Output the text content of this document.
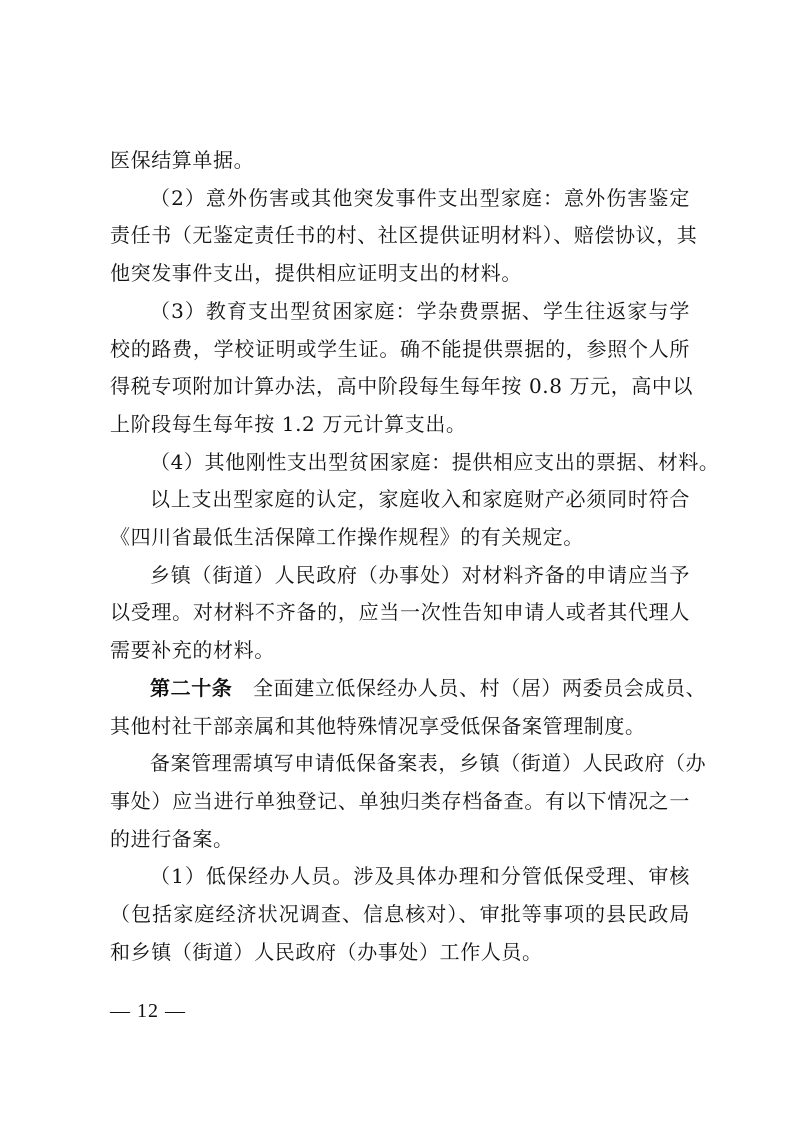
医保结算单据。

（2）意外伤害或其他突发事件支出型家庭：意外伤害鉴定
责任书（无鉴定责任书的村、社区提供证明材料）、赔偿协议，其
他突发事件支出，提供相应证明支出的材料。

（3）教育支出型贫困家庭：学杂费票据、学生往返家与学
校的路费，学校证明或学生证。确不能提供票据的，参照个人所
得税专项附加计算办法，高中阶段每生每年按 0.8 万元，高中以
上阶段每生每年按 1.2 万元计算支出。

（4）其他刚性支出型贫困家庭：提供相应支出的票据、材料。

以上支出型家庭的认定，家庭收入和家庭财产必须同时符合
《四川省最低生活保障工作操作规程》的有关规定。

乡镇（街道）人民政府（办事处）对材料齐备的申请应当予
以受理。对材料不齐备的，应当一次性告知申请人或者其代理人
需要补充的材料。

第二十条　 全面建立低保经办人员、村（居）两委员会成员、
其他村社干部亲属和其他特殊情况享受低保备案管理制度。

备案管理需填写申请低保备案表，乡镇（街道）人民政府（办
事处）应当进行单独登记、单独归类存档备查。有以下情况之一
的进行备案。

（1）低保经办人员。涉及具体办理和分管低保受理、审核
（包括家庭经济状况调查、信息核对）、审批等事项的县民政局
和乡镇（街道）人民政府（办事处）工作人员。

— 12 —
